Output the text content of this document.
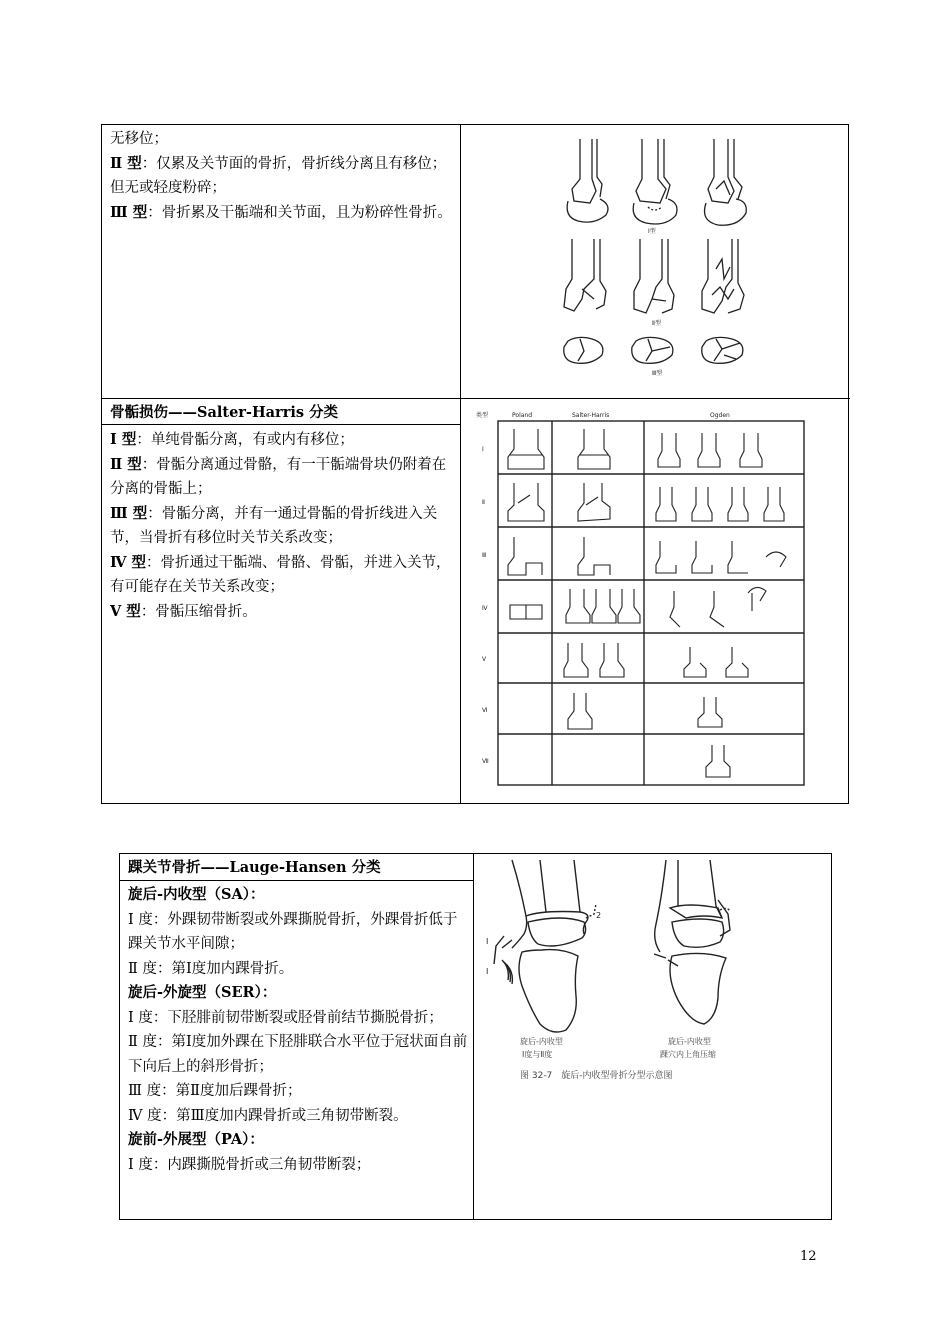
无移位；

Ⅱ 型：仅累及关节面的骨折，骨折线分离且有移位；但无或轻度粉碎；

Ⅲ 型：骨折累及干骺端和关节面，且为粉碎性骨折。

Ⅰ型
Ⅱ型
Ⅲ型
骨骺损伤——Salter-Harris 分类

Ⅰ 型：单纯骨骺分离，有或内有移位；

Ⅱ 型：骨骺分离通过骨骼，有一干骺端骨块仍附着在分离的骨骺上；

Ⅲ 型：骨骺分离，并有一通过骨骺的骨折线进入关节，当骨折有移位时关节关系改变；

Ⅳ 型：骨折通过干骺端、骨骼、骨骺，并进入关节，有可能存在关节关系改变；

Ⅴ 型：骨骺压缩骨折。

类型	Poland	Salter-Harris	Ogden
Ⅰ
Ⅱ
Ⅲ
Ⅳ
Ⅴ
Ⅵ
Ⅶ
踝关节骨折——Lauge-Hansen 分类

旋后-内收型（SA）：

Ⅰ 度：外踝韧带断裂或外踝撕脱骨折，外踝骨折低于踝关节水平间隙；

Ⅱ 度：第Ⅰ度加内踝骨折。

旋后-外旋型（SER）：

Ⅰ 度：下胫腓前韧带断裂或胫骨前结节撕脱骨折；

Ⅱ 度：第Ⅰ度加外踝在下胫腓联合水平位于冠状面自前下向后上的斜形骨折；

Ⅲ 度：第Ⅱ度加后踝骨折；

Ⅳ 度：第Ⅲ度加内踝骨折或三角韧带断裂。

旋前-外展型（PA）：

Ⅰ 度：内踝撕脱骨折或三角韧带断裂；

2
Ⅰ
Ⅰ
旋后-内收型
Ⅰ度与Ⅱ度
旋后-内收型
踝穴内上角压缩
图 32-7　旋后-内收型骨折分型示意图
12
